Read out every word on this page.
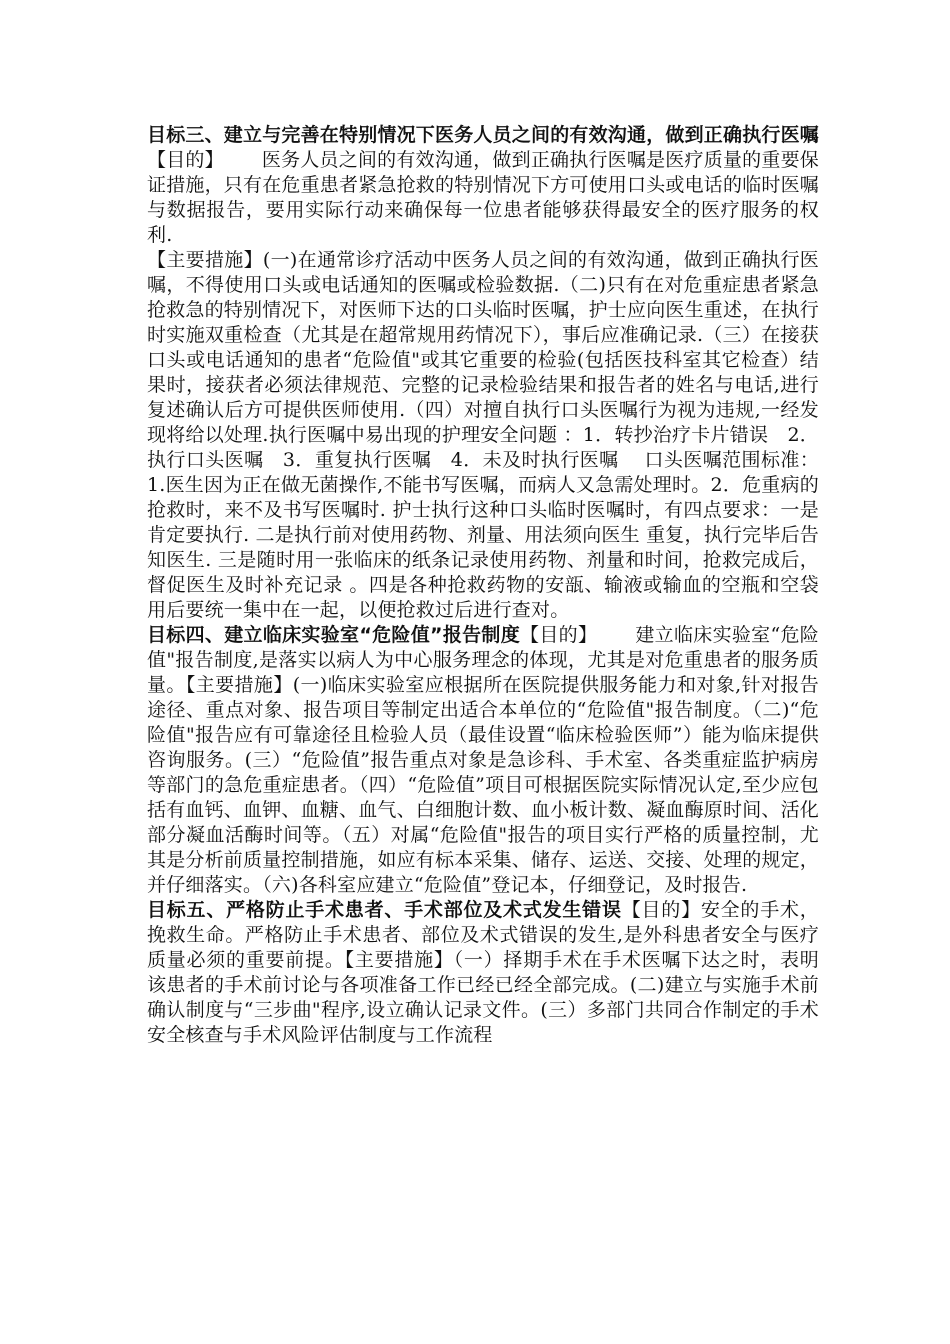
目标三、建立与完善在特别情况下医务人员之间的有效沟通，做到正确执行医嘱【目的】 医务人员之间的有效沟通，做到正确执行医嘱是医疗质量的重要保证措施，只有在危重患者紧急抢救的特别情况下方可使用口头或电话的临时医嘱与数据报告，要用实际行动来确保每一位患者能够获得最安全的医疗服务的权利.
【主要措施】(一)在通常诊疗活动中医务人员之间的有效沟通，做到正确执行医嘱，不得使用口头或电话通知的医嘱或检验数据.（二)只有在对危重症患者紧急抢救急的特别情况下，对医师下达的口头临时医嘱，护士应向医生重述，在执行时实施双重检查（尤其是在超常规用药情况下），事后应准确记录.（三）在接获口头或电话通知的患者“危险值"或其它重要的检验(包括医技科室其它检查）结果时，接获者必须法律规范、完整的记录检验结果和报告者的姓名与电话,进行复述确认后方可提供医师使用.（四）对擅自执行口头医嘱行为视为违规,一经发现将给以处理.执行医嘱中易出现的护理安全问题 ：1．转抄治疗卡片错误　2．执行口头医嘱　3．重复执行医嘱　4．未及时执行医嘱　 口头医嘱范围标准： 1.医生因为正在做无菌操作,不能书写医嘱，而病人又急需处理时。2．危重病的抢救时，来不及书写医嘱时. 护士执行这种口头临时医嘱时，有四点要求：一是肯定要执行. 二是执行前对使用药物、剂量、用法须向医生 重复，执行完毕后告知医生. 三是随时用一张临床的纸条记录使用药物、剂量和时间，抢救完成后，督促医生及时补充记录 。四是各种抢救药物的安瓿、输液或输血的空瓶和空袋用后要统一集中在一起，以便抢救过后进行查对。

目标四、建立临床实验室“危险值”报告制度【目的】 建立临床实验室“危险值"报告制度,是落实以病人为中心服务理念的体现，尤其是对危重患者的服务质量。【主要措施】(一)临床实验室应根据所在医院提供服务能力和对象,针对报告途径、重点对象、报告项目等制定出适合本单位的“危险值"报告制度。（二)“危险值"报告应有可靠途径且检验人员（最佳设置“临床检验医师”）能为临床提供咨询服务。(三）“危险值”报告重点对象是急诊科、手术室、各类重症监护病房等部门的急危重症患者。（四）“危险值”项目可根据医院实际情况认定,至少应包括有血钙、血钾、血糖、血气、白细胞计数、血小板计数、凝血酶原时间、活化部分凝血活酶时间等。（五）对属“危险值"报告的项目实行严格的质量控制，尤其是分析前质量控制措施，如应有标本采集、储存、运送、交接、处理的规定，并仔细落实。（六)各科室应建立“危险值”登记本，仔细登记，及时报告.

目标五、严格防止手术患者、手术部位及术式发生错误【目的】安全的手术，挽救生命。严格防止手术患者、部位及术式错误的发生,是外科患者安全与医疗质量必须的重要前提。【主要措施】（一）择期手术在手术医嘱下达之时，表明该患者的手术前讨论与各项准备工作已经已经全部完成。(二)建立与实施手术前确认制度与“三步曲"程序,设立确认记录文件。(三）多部门共同合作制定的手术安全核查与手术风险评估制度与工作流程
